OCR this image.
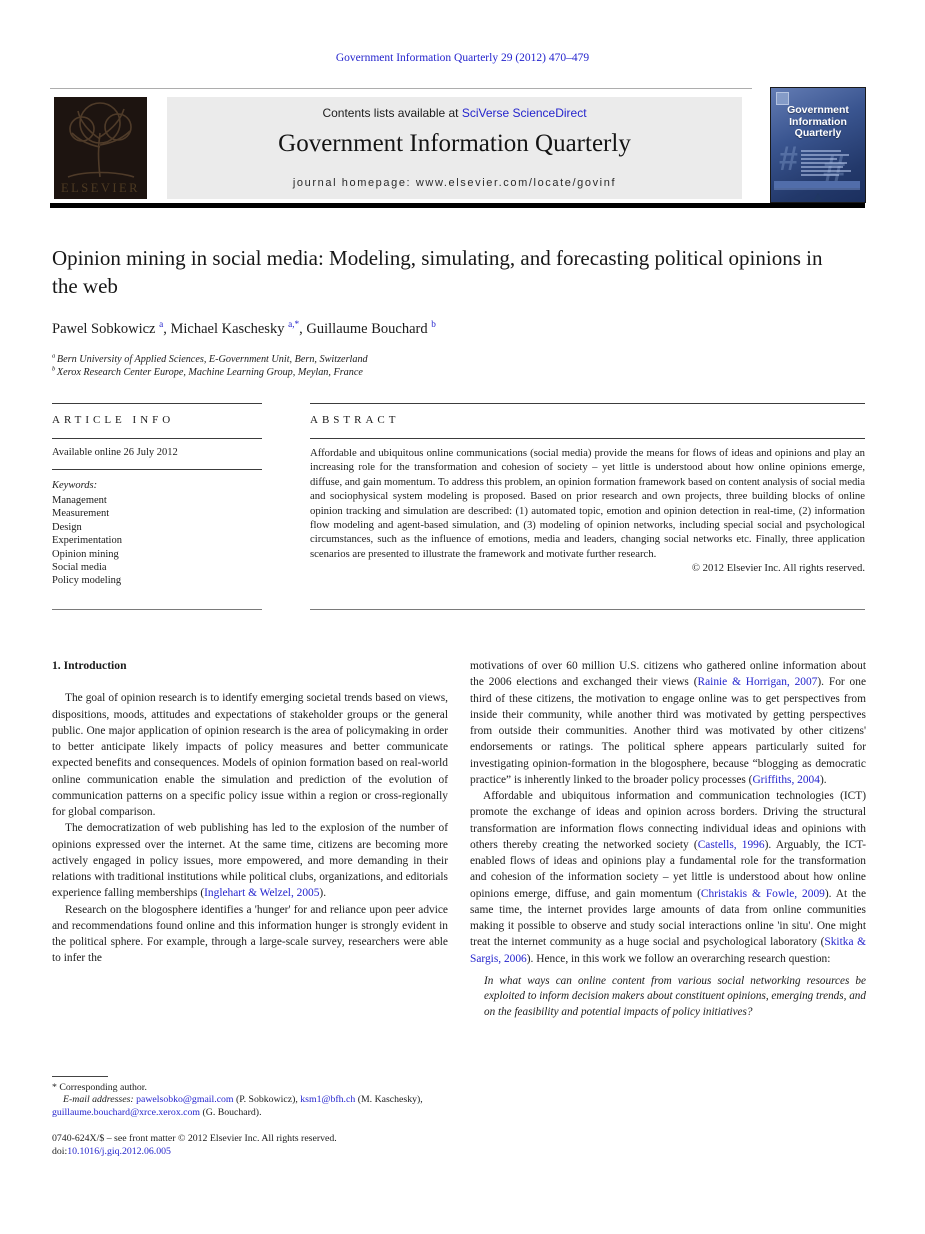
Government Information Quarterly 29 (2012) 470–479
ELSEVIER
Contents lists available at SciVerse ScienceDirect
Government Information Quarterly
journal homepage: www.elsevier.com/locate/govinf
#
Government
Information
Quarterly
Opinion mining in social media: Modeling, simulating, and forecasting political opinions in the web
Pawel Sobkowicz $^a$, Michael Kaschesky $^{a,*}$, Guillaume Bouchard $^b$
$^a$ Bern University of Applied Sciences, E-Government Unit, Bern, Switzerland
$^b$ Xerox Research Center Europe, Machine Learning Group, Meylan, France
ARTICLE INFO
Available online 26 July 2012
Keywords:
Management
Measurement
Design
Experimentation
Opinion mining
Social media
Policy modeling
ABSTRACT
Affordable and ubiquitous online communications (social media) provide the means for flows of ideas and opinions and play an increasing role for the transformation and cohesion of society – yet little is understood about how online opinions emerge, diffuse, and gain momentum. To address this problem, an opinion formation framework based on content analysis of social media and sociophysical system modeling is proposed. Based on prior research and own projects, three building blocks of online opinion tracking and simulation are described: (1) automated topic, emotion and opinion detection in real-time, (2) information flow modeling and agent-based simulation, and (3) modeling of opinion networks, including special social and psychological circumstances, such as the influence of emotions, media and leaders, changing social networks etc. Finally, three application scenarios are presented to illustrate the framework and motivate further research.
© 2012 Elsevier Inc. All rights reserved.
1. Introduction

The goal of opinion research is to identify emerging societal trends based on views, dispositions, moods, attitudes and expectations of stakeholder groups or the general public. One major application of opinion research is the area of policymaking in order to better anticipate likely impacts of policy measures and better communicate expected benefits and consequences. Models of opinion formation based on real-world online communication enable the simulation and prediction of the evolution of communication patterns on a specific policy issue within a region or cross-regionally for global comparison.

The democratization of web publishing has led to the explosion of the number of opinions expressed over the internet. At the same time, citizens are becoming more actively engaged in policy issues, more empowered, and more demanding in their relations with traditional institutions while political clubs, organizations, and editorials experience falling memberships (Inglehart & Welzel, 2005).

Research on the blogosphere identifies a 'hunger' for and reliance upon peer advice and recommendations found online and this information hunger is strongly evident in the political sphere. For example, through a large-scale survey, researchers were able to infer the

motivations of over 60 million U.S. citizens who gathered online information about the 2006 elections and exchanged their views (Rainie & Horrigan, 2007). For one third of these citizens, the motivation to engage online was to get perspectives from inside their community, while another third was motivated by getting perspectives from outside their communities. Another third was motivated by other citizens' endorsements or ratings. The political sphere appears particularly suited for investigating opinion-formation in the blogosphere, because “blogging as democratic practice” is inherently linked to the broader policy processes (Griffiths, 2004).

Affordable and ubiquitous information and communication technologies (ICT) promote the exchange of ideas and opinion across borders. Driving the structural transformation are information flows connecting individual ideas and opinions with others thereby creating the networked society (Castells, 1996). Arguably, the ICT-enabled flows of ideas and opinions play a fundamental role for the transformation and cohesion of the information society – yet little is understood about how online opinions emerge, diffuse, and gain momentum (Christakis & Fowle, 2009). At the same time, the internet provides large amounts of data from online communities making it possible to observe and study social interactions online 'in situ'. One might treat the internet community as a huge social and psychological laboratory (Skitka & Sargis, 2006). Hence, in this work we follow an overarching research question:

In what ways can online content from various social networking resources be exploited to inform decision makers about constituent opinions, emerging trends, and on the feasibility and potential impacts of policy initiatives?
* Corresponding author.
E-mail addresses: pawelsobko@gmail.com (P. Sobkowicz), ksm1@bfh.ch (M. Kaschesky), guillaume.bouchard@xrce.xerox.com (G. Bouchard).
0740-624X/$ – see front matter © 2012 Elsevier Inc. All rights reserved.
doi:10.1016/j.giq.2012.06.005
